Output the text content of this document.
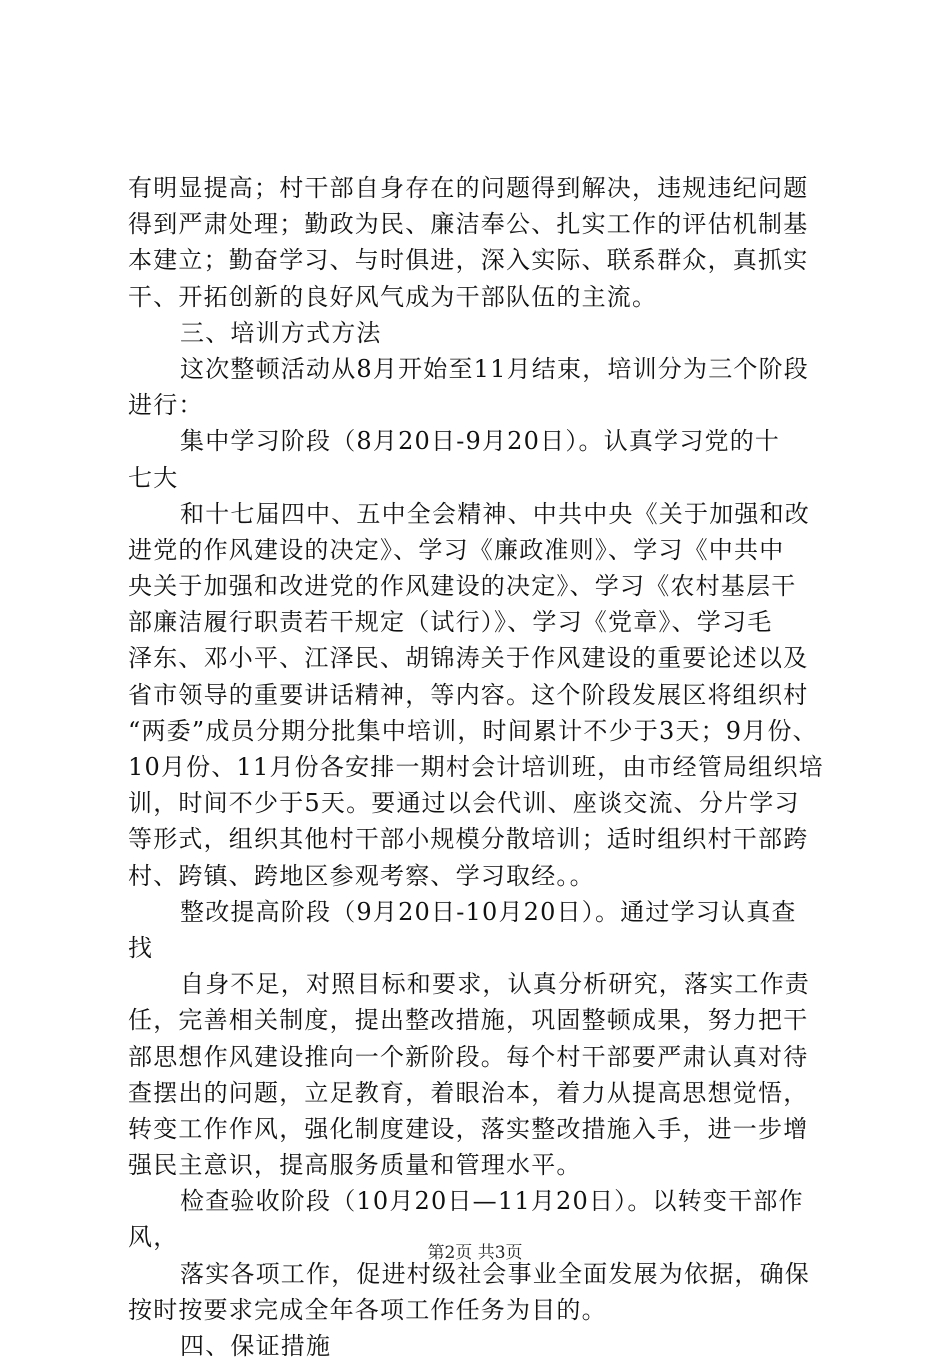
有明显提高；村干部自身存在的问题得到解决，违规违纪问题
得到严肃处理；勤政为民、廉洁奉公、扎实工作的评估机制基
本建立；勤奋学习、与时俱进，深入实际、联系群众，真抓实
干、开拓创新的良好风气成为干部队伍的主流。
三、培训方式方法
这次整顿活动从8月开始至11月结束，培训分为三个阶段
进行：
集中学习阶段（8月20日-9月20日）。认真学习党的十
七大
和十七届四中、五中全会精神、中共中央《关于加强和改
进党的作风建设的决定》、学习《廉政准则》、学习《中共中
央关于加强和改进党的作风建设的决定》、学习《农村基层干
部廉洁履行职责若干规定（试行）》、学习《党章》、学习毛
泽东、邓小平、江泽民、胡锦涛关于作风建设的重要论述以及
省市领导的重要讲话精神，等内容。这个阶段发展区将组织村
“两委”成员分期分批集中培训，时间累计不少于3天；9月份、
10月份、11月份各安排一期村会计培训班，由市经管局组织培
训，时间不少于5天。要通过以会代训、座谈交流、分片学习
等形式，组织其他村干部小规模分散培训；适时组织村干部跨
村、跨镇、跨地区参观考察、学习取经。。
整改提高阶段（9月20日-10月20日）。通过学习认真查
找
自身不足，对照目标和要求，认真分析研究，落实工作责
任，完善相关制度，提出整改措施，巩固整顿成果，努力把干
部思想作风建设推向一个新阶段。每个村干部要严肃认真对待
查摆出的问题，立足教育，着眼治本，着力从提高思想觉悟，
转变工作作风，强化制度建设，落实整改措施入手，进一步增
强民主意识，提高服务质量和管理水平。
检查验收阶段（10月20日—11月20日）。以转变干部作
风，
落实各项工作，促进村级社会事业全面发展为依据，确保
按时按要求完成全年各项工作任务为目的。
四、保证措施
第2页 共3页
